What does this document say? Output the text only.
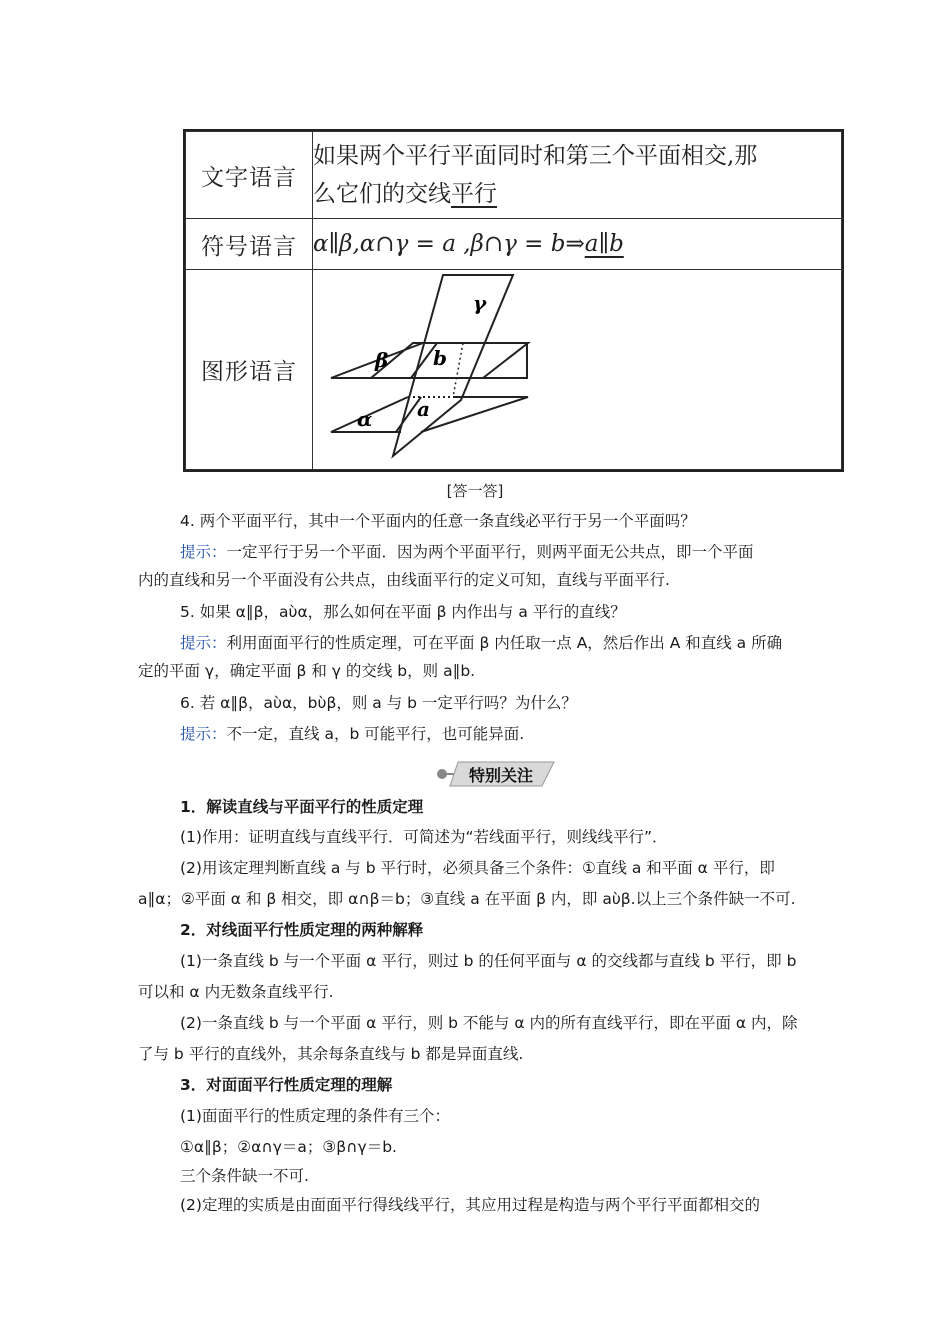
文字语言	如果两个平行平面同时和第三个平面相交,那
么它们的交线平行

符号语言	α∥β,α∩γ = a ,β∩γ = b⇒a∥b
图形语言	γ
β b
α a
[答一答]
4. 两个平面平行，其中一个平面内的任意一条直线必平行于另一个平面吗？
提示：一定平行于另一个平面．因为两个平面平行，则两平面无公共点，即一个平面
内的直线和另一个平面没有公共点，由线面平行的定义可知，直线与平面平行.
5. 如果 α∥β，aὺα，那么如何在平面 β 内作出与 a 平行的直线？
提示：利用面面平行的性质定理，可在平面 β 内任取一点 A，然后作出 A 和直线 a 所确
定的平面 γ，确定平面 β 和 γ 的交线 b，则 a∥b.
6. 若 α∥β，aὺα，bὺβ，则 a 与 b 一定平行吗？为什么？
提示：不一定，直线 a，b 可能平行，也可能异面.
特别关注
1．解读直线与平面平行的性质定理
(1)作用：证明直线与直线平行．可简述为“若线面平行，则线线平行”．
(2)用该定理判断直线 a 与 b 平行时，必须具备三个条件：①直线 a 和平面 α 平行，即
a∥α；②平面 α 和 β 相交，即 α∩β＝b；③直线 a 在平面 β 内，即 aὺβ.以上三个条件缺一不可.
2．对线面平行性质定理的两种解释
(1)一条直线 b 与一个平面 α 平行，则过 b 的任何平面与 α 的交线都与直线 b 平行，即 b
可以和 α 内无数条直线平行.
(2)一条直线 b 与一个平面 α 平行，则 b 不能与 α 内的所有直线平行，即在平面 α 内，除
了与 b 平行的直线外，其余每条直线与 b 都是异面直线.
3．对面面平行性质定理的理解
(1)面面平行的性质定理的条件有三个：
①α∥β；②α∩γ＝a；③β∩γ＝b.
三个条件缺一不可.
(2)定理的实质是由面面平行得线线平行，其应用过程是构造与两个平行平面都相交的
